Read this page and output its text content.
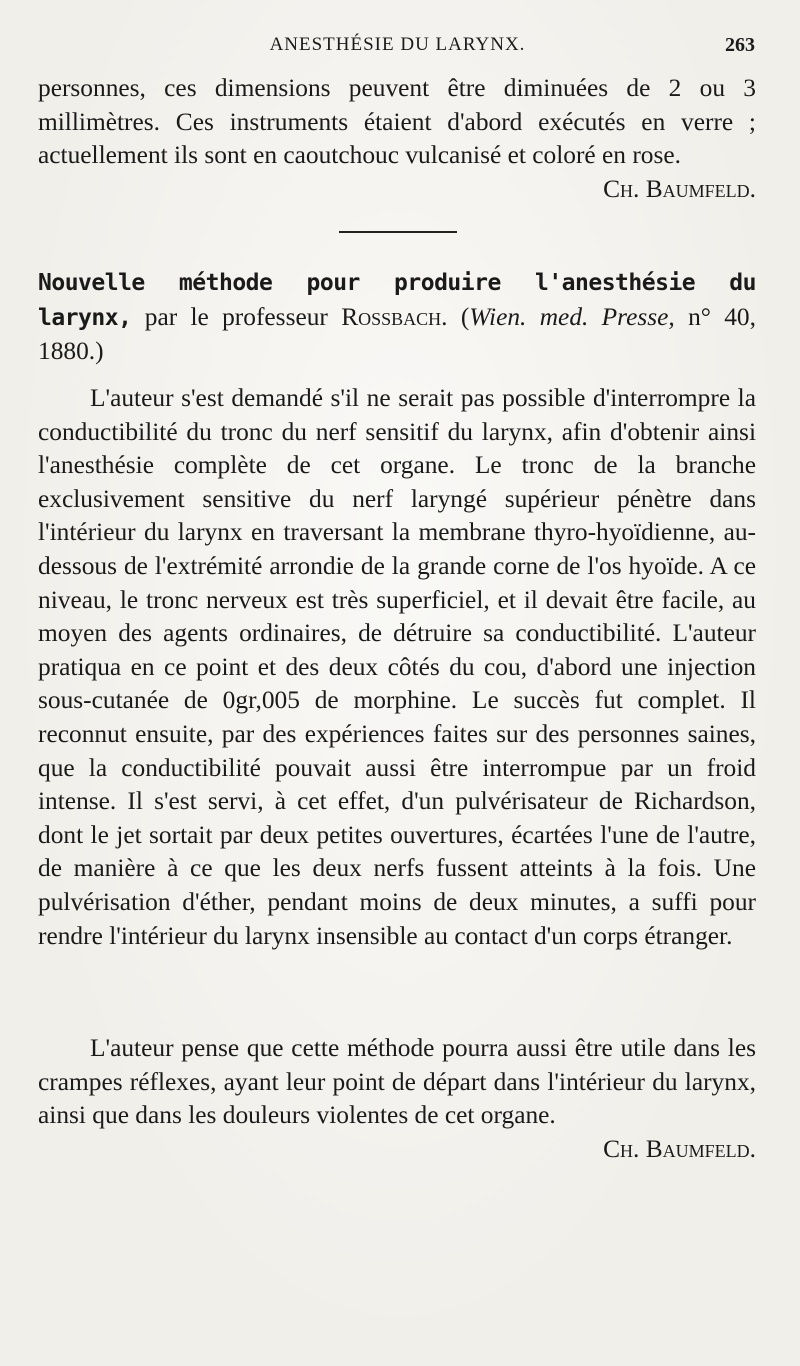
ANESTHÉSIE DU LARYNX.	263
personnes, ces dimensions peuvent être diminuées de 2 ou 3 millimètres. Ces instruments étaient d'abord exécutés en verre ; actuellement ils sont en caoutchouc vulcanisé et coloré en rose.
Ch. Baumfeld.
Nouvelle méthode pour produire l'anesthésie du larynx, par le professeur Rossbach. (Wien. med. Presse, n° 40, 1880.)
L'auteur s'est demandé s'il ne serait pas possible d'interrompre la conductibilité du tronc du nerf sensitif du larynx, afin d'obtenir ainsi l'anesthésie complète de cet organe. Le tronc de la branche exclusivement sensitive du nerf laryngé supérieur pénètre dans l'intérieur du larynx en traversant la membrane thyro-hyoïdienne, au-dessous de l'extrémité arrondie de la grande corne de l'os hyoïde. A ce niveau, le tronc nerveux est très superficiel, et il devait être facile, au moyen des agents ordinaires, de détruire sa conductibilité. L'auteur pratiqua en ce point et des deux côtés du cou, d'abord une injection sous-cutanée de 0gr,005 de morphine. Le succès fut complet. Il reconnut ensuite, par des expériences faites sur des personnes saines, que la conductibilité pouvait aussi être interrompue par un froid intense. Il s'est servi, à cet effet, d'un pulvérisateur de Richardson, dont le jet sortait par deux petites ouvertures, écartées l'une de l'autre, de manière à ce que les deux nerfs fussent atteints à la fois. Une pulvérisation d'éther, pendant moins de deux minutes, a suffi pour rendre l'intérieur du larynx insensible au contact d'un corps étranger.
L'auteur pense que cette méthode pourra aussi être utile dans les crampes réflexes, ayant leur point de départ dans l'intérieur du larynx, ainsi que dans les douleurs violentes de cet organe.
Ch. Baumfeld.
